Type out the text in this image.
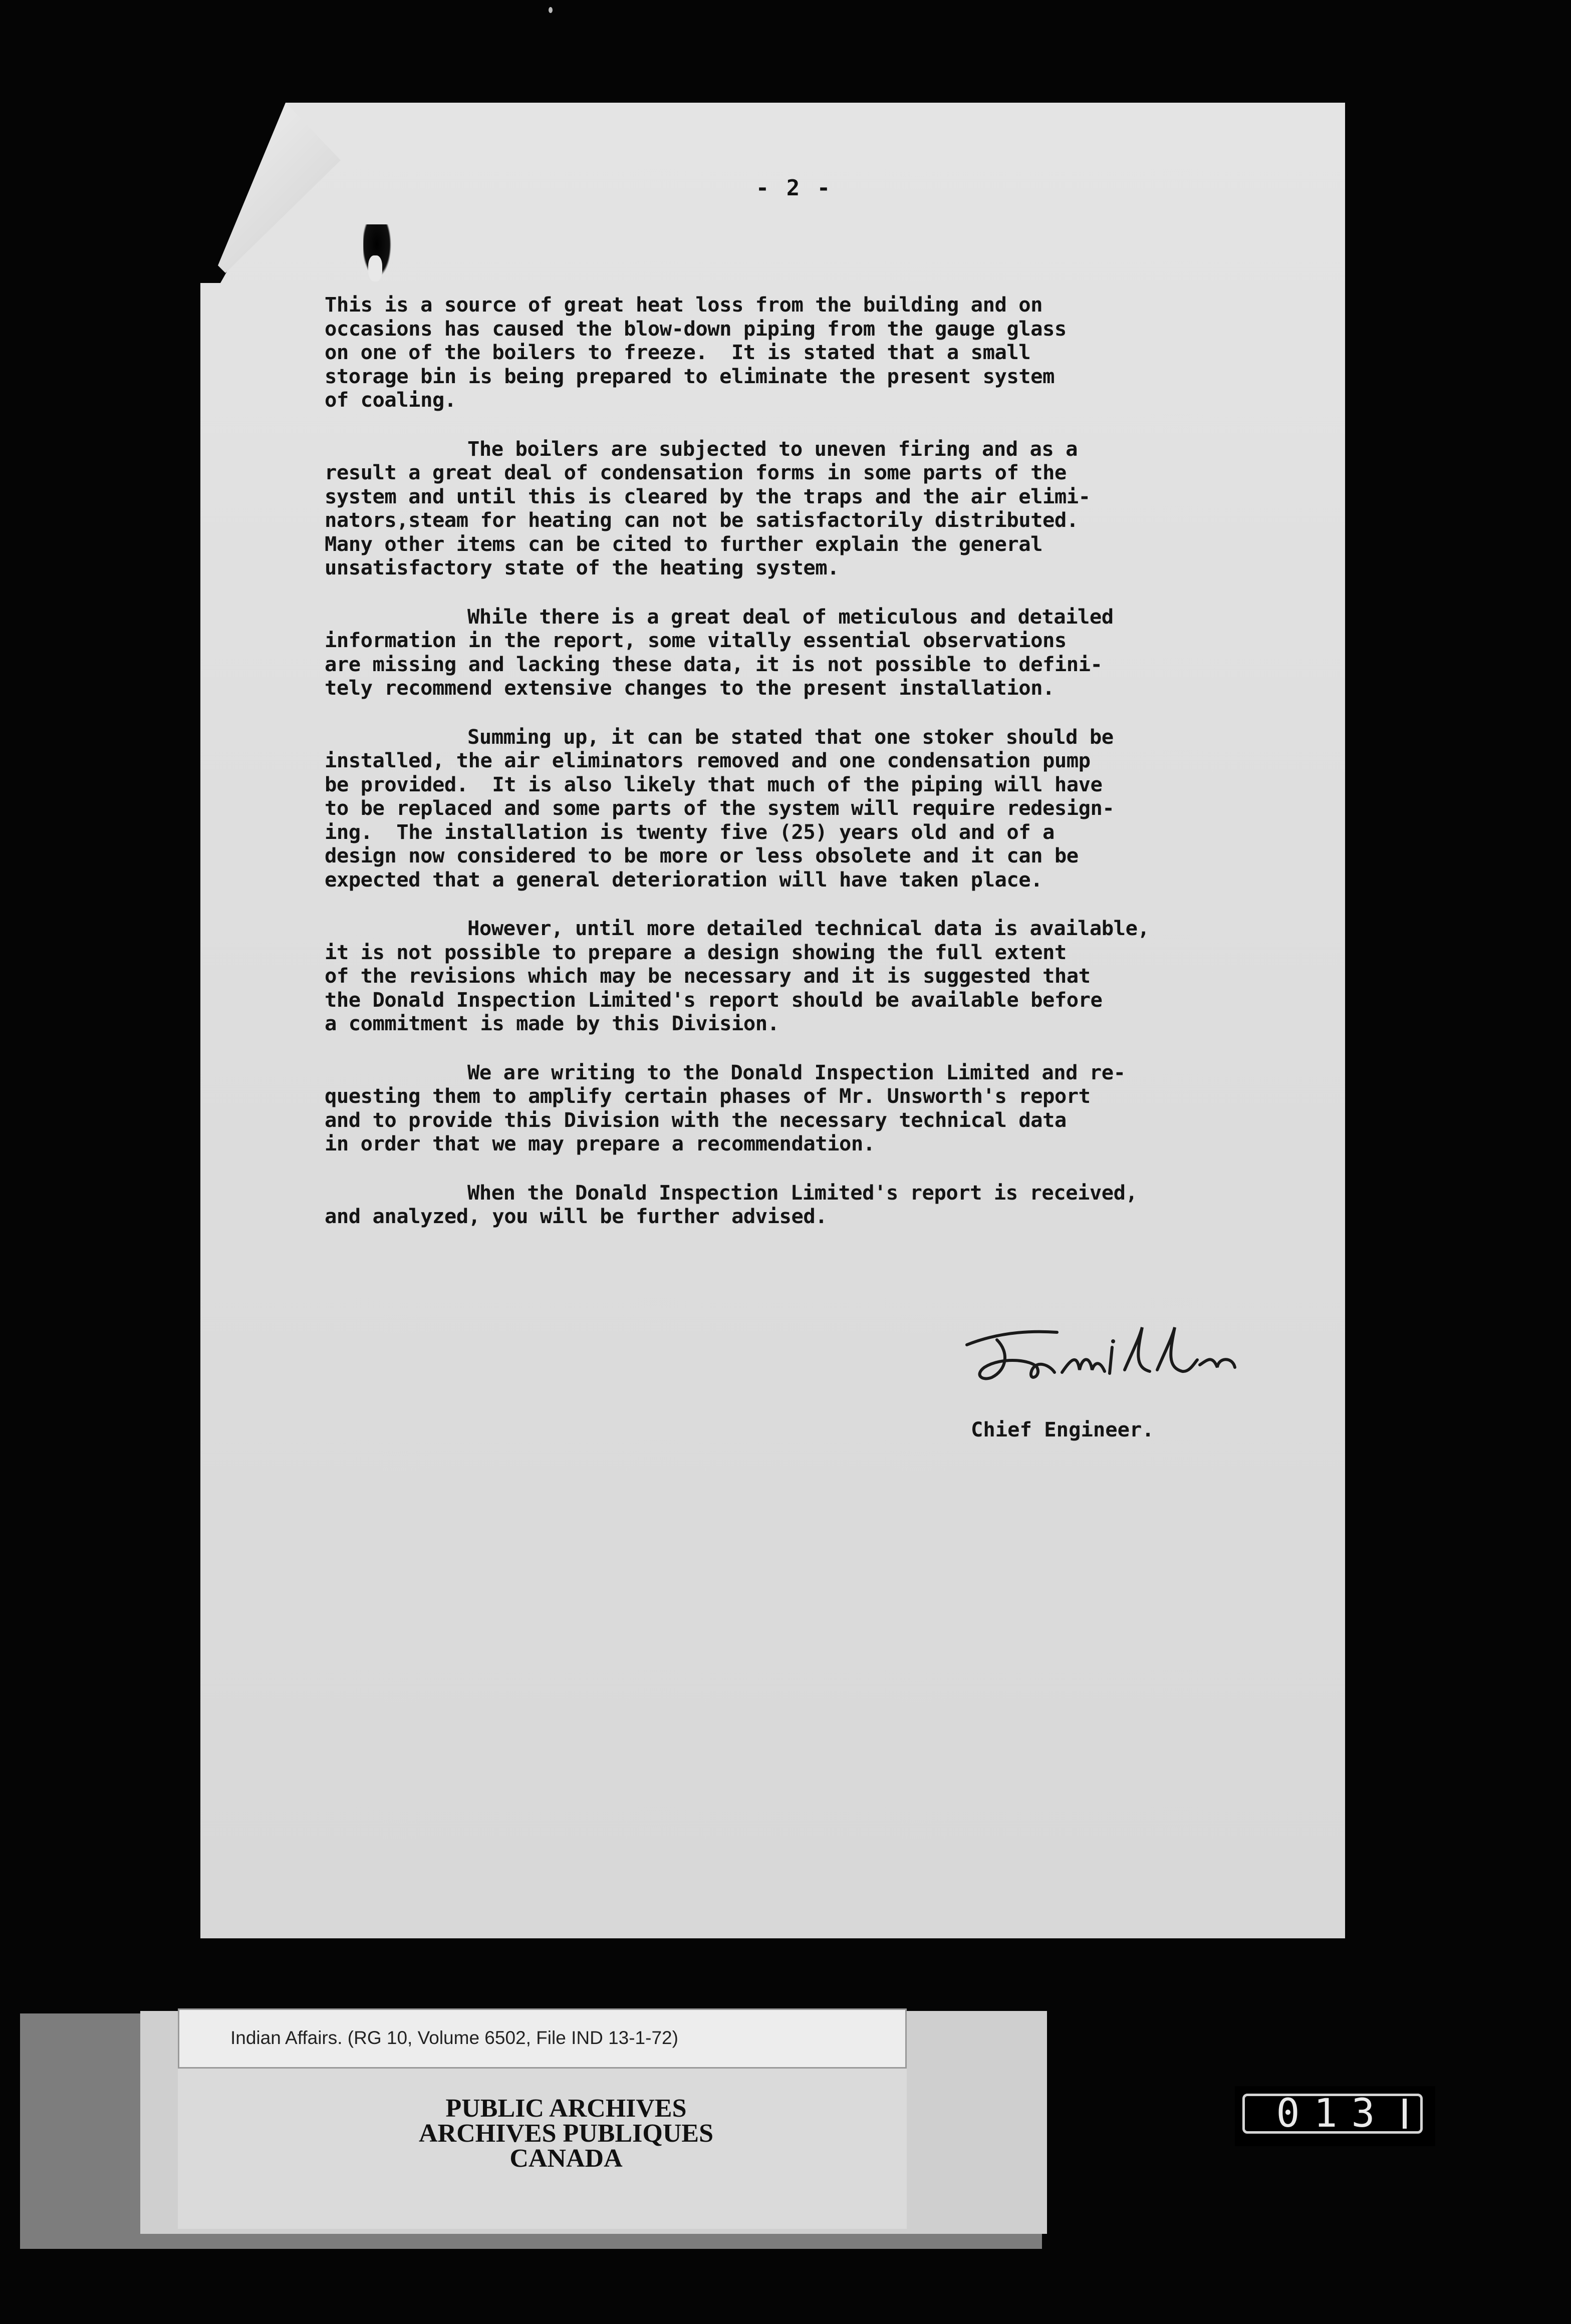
- 2 -
This is a source of great heat loss from the building and on
occasions has caused the blow-down piping from the gauge glass
on one of the boilers to freeze.  It is stated that a small
storage bin is being prepared to eliminate the present system
of coaling.
The boilers are subjected to uneven firing and as a
result a great deal of condensation forms in some parts of the
system and until this is cleared by the traps and the air elimi-
nators,steam for heating can not be satisfactorily distributed.
Many other items can be cited to further explain the general
unsatisfactory state of the heating system.
While there is a great deal of meticulous and detailed
information in the report, some vitally essential observations
are missing and lacking these data, it is not possible to defini-
tely recommend extensive changes to the present installation.
Summing up, it can be stated that one stoker should be
installed, the air eliminators removed and one condensation pump
be provided.  It is also likely that much of the piping will have
to be replaced and some parts of the system will require redesign-
ing.  The installation is twenty five (25) years old and of a
design now considered to be more or less obsolete and it can be
expected that a general deterioration will have taken place.
However, until more detailed technical data is available,
it is not possible to prepare a design showing the full extent
of the revisions which may be necessary and it is suggested that
the Donald Inspection Limited's report should be available before
a commitment is made by this Division.
We are writing to the Donald Inspection Limited and re-
questing them to amplify certain phases of Mr. Unsworth's report
and to provide this Division with the necessary technical data
in order that we may prepare a recommendation.
When the Donald Inspection Limited's report is received,
and analyzed, you will be further advised.
Chief Engineer.
Indian Affairs. (RG 10, Volume 6502, File IND 13-1-72)
PUBLIC ARCHIVES
ARCHIVES PUBLIQUES
CANADA
013
